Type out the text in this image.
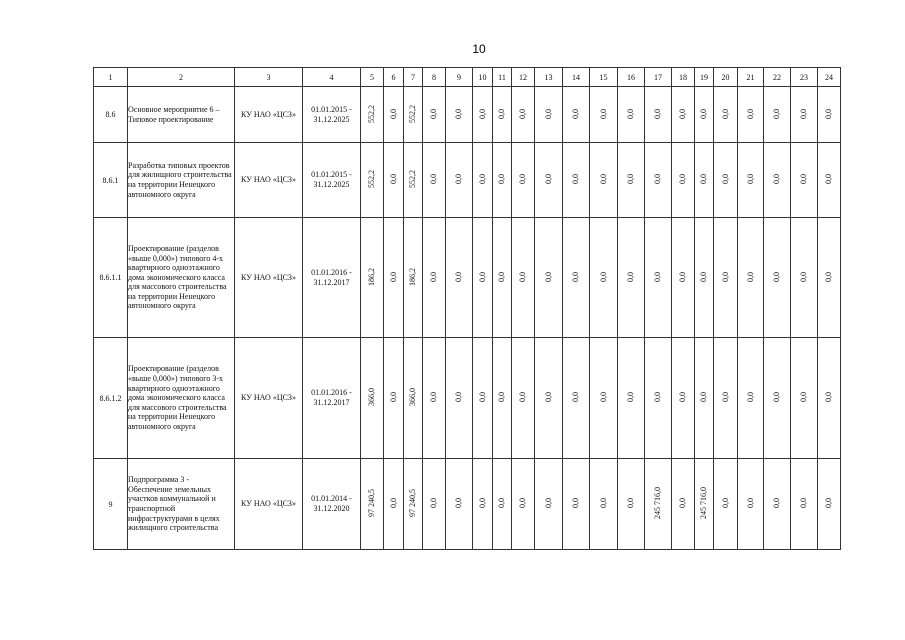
10
1	2	3	4	5	6	7	8	9	10	11	12	13	14	15	16	17	18	19	20	21	22	23	24
8.6	Основное мероприятие 6 – Типовое проектирование	КУ НАО «ЦСЗ»	01.01.2015 - 31.12.2025	552,2	0,0	552,2	0,0	0,0	0,0	0,0	0,0	0,0	0,0	0,0	0,0	0,0	0,0	0,0	0,0	0,0	0,0	0,0	0,0
8.6.1	Разработка типовых проектов для жилищного строительства на территории Ненецкого автономного округа	КУ НАО «ЦСЗ»	01.01.2015 - 31.12.2025	552,2	0,0	552,2	0,0	0,0	0,0	0,0	0,0	0,0	0,0	0,0	0,0	0,0	0,0	0,0	0,0	0,0	0,0	0,0	0,0
8.6.1.1	Проектирование (разделов «выше 0,000») типового 4-х квартирного одноэтажного дома экономического класса для массового строительства на территории Ненецкого автономного округа	КУ НАО «ЦСЗ»	01.01.2016 - 31.12.2017	186,2	0,0	186,2	0,0	0,0	0,0	0,0	0,0	0,0	0,0	0,0	0,0	0,0	0,0	0,0	0,0	0,0	0,0	0,0	0,0
8.6.1.2	Проектирование (разделов «выше 0,000») типового 3-х квартирного одноэтажного дома экономического класса для массового строительства на территории Ненецкого автономного округа	КУ НАО «ЦСЗ»	01.01.2016 - 31.12.2017	366,0	0,0	366,0	0,0	0,0	0,0	0,0	0,0	0,0	0,0	0,0	0,0	0,0	0,0	0,0	0,0	0,0	0,0	0,0	0,0
9	Подпрограмма 3 - Обеспечение земельных участков коммунальной и транспортной инфраструктурами в целях жилищного строительства	КУ НАО «ЦСЗ»	01.01.2014 - 31.12.2020	97 240,5	0,0	97 240,5	0,0	0,0	0,0	0,0	0,0	0,0	0,0	0,0	0,0	245 716,0	0,0	245 716,0	0,0	0,0	0,0	0,0	0,0
